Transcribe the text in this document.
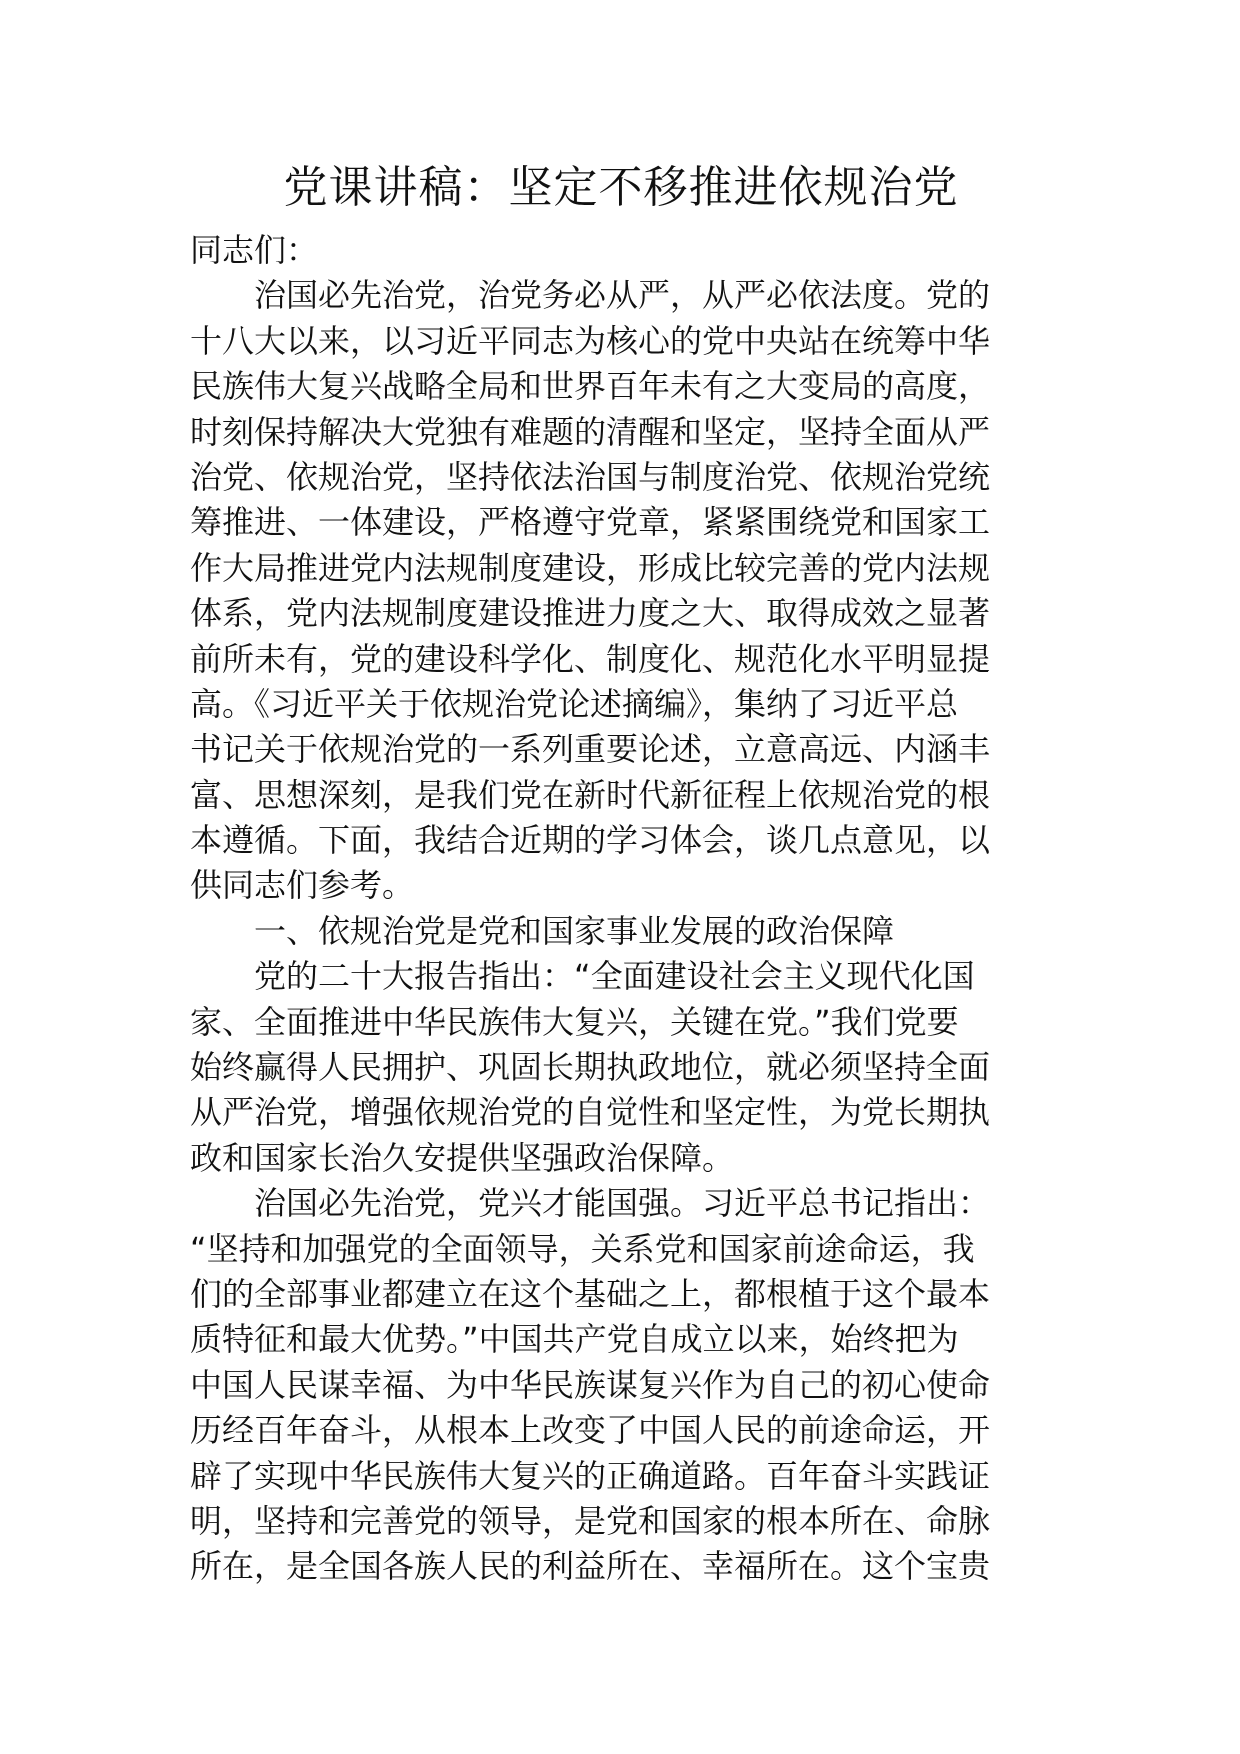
党课讲稿：坚定不移推进依规治党
同志们：
治国必先治党，治党务必从严，从严必依法度。党的
十八大以来，以习近平同志为核心的党中央站在统筹中华
民族伟大复兴战略全局和世界百年未有之大变局的高度，
时刻保持解决大党独有难题的清醒和坚定，坚持全面从严
治党、依规治党，坚持依法治国与制度治党、依规治党统
筹推进、一体建设，严格遵守党章，紧紧围绕党和国家工
作大局推进党内法规制度建设，形成比较完善的党内法规
体系，党内法规制度建设推进力度之大、取得成效之显著
前所未有，党的建设科学化、制度化、规范化水平明显提
高。《习近平关于依规治党论述摘编》，集纳了习近平总
书记关于依规治党的一系列重要论述，立意高远、内涵丰
富、思想深刻，是我们党在新时代新征程上依规治党的根
本遵循。下面，我结合近期的学习体会，谈几点意见，以
供同志们参考。
一、依规治党是党和国家事业发展的政治保障
党的二十大报告指出：“全面建设社会主义现代化国
家、全面推进中华民族伟大复兴，关键在党。”我们党要
始终赢得人民拥护、巩固长期执政地位，就必须坚持全面
从严治党，增强依规治党的自觉性和坚定性，为党长期执
政和国家长治久安提供坚强政治保障。
治国必先治党，党兴才能国强。习近平总书记指出：
“坚持和加强党的全面领导，关系党和国家前途命运，我
们的全部事业都建立在这个基础之上，都根植于这个最本
质特征和最大优势。”中国共产党自成立以来，始终把为
中国人民谋幸福、为中华民族谋复兴作为自己的初心使命
历经百年奋斗，从根本上改变了中国人民的前途命运，开
辟了实现中华民族伟大复兴的正确道路。百年奋斗实践证
明，坚持和完善党的领导，是党和国家的根本所在、命脉
所在，是全国各族人民的利益所在、幸福所在。这个宝贵
